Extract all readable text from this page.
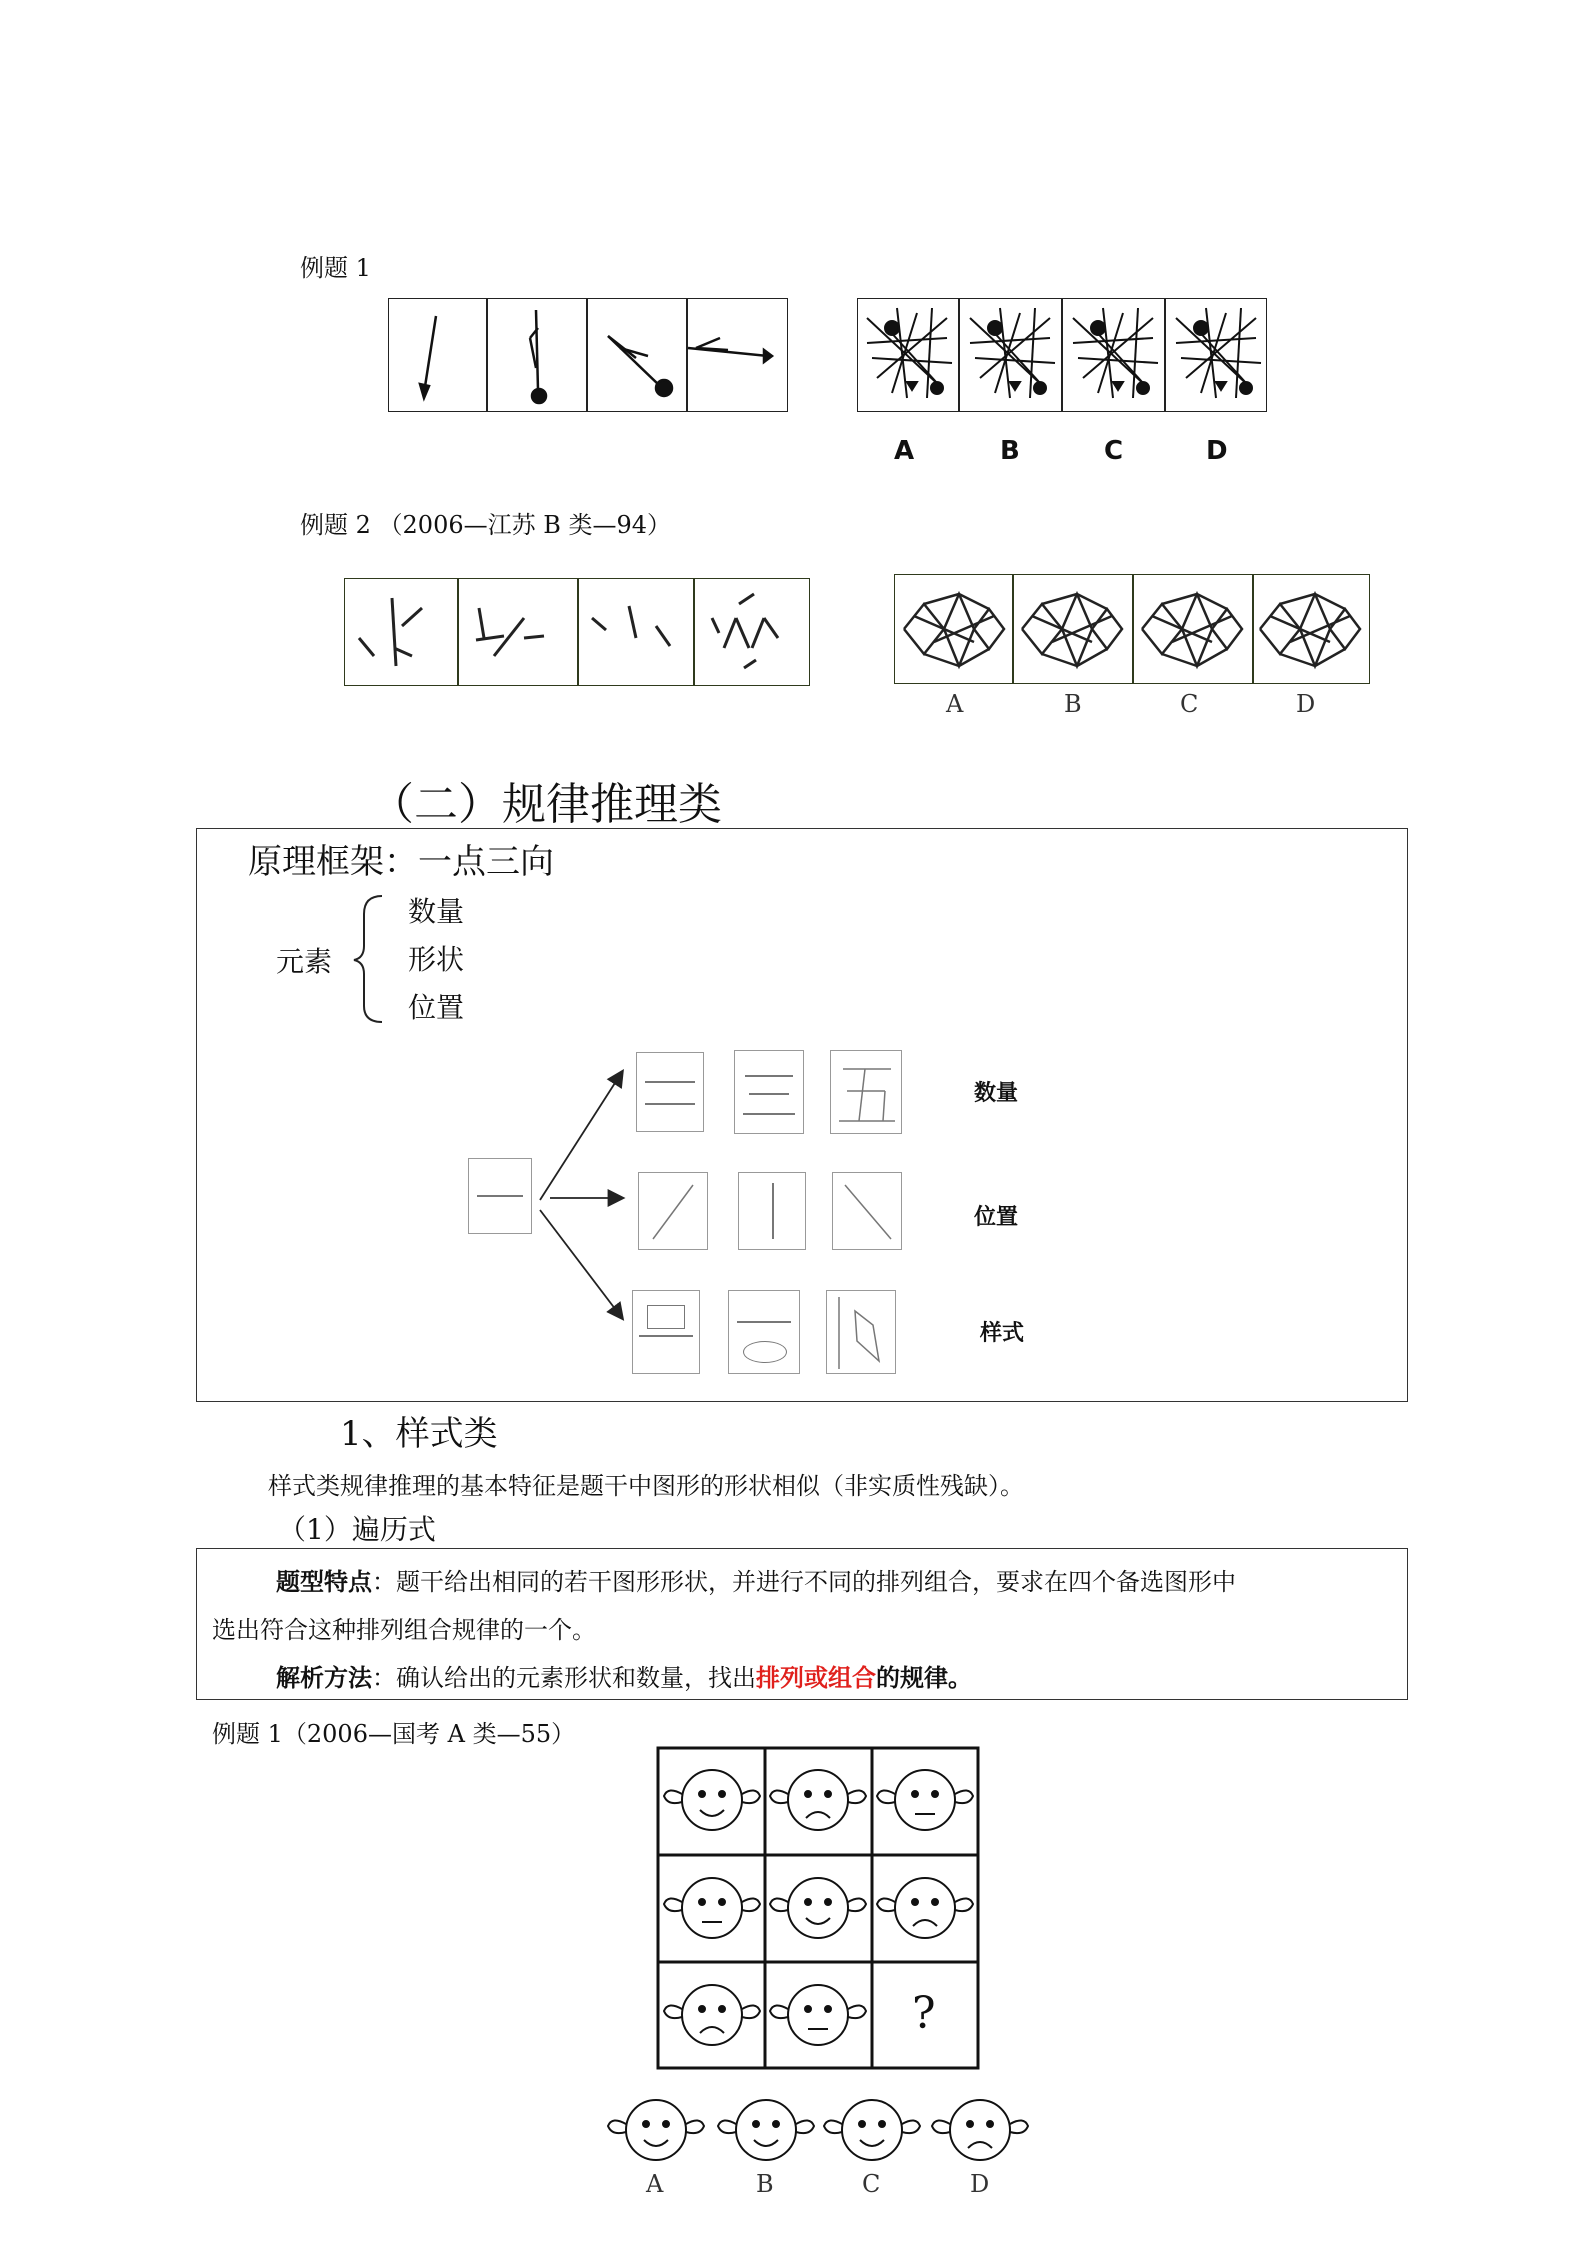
例题 1
A	B	C	D
例题 2 （2006—江苏 B 类—94）
A	B	C	D
（二）规律推理类
原理框架：一点三向
元素
数量
形状
位置
数量
位置
样式
1、样式类
样式类规律推理的基本特征是题干中图形的形状相似（非实质性残缺）。
（1）遍历式
题型特点：题干给出相同的若干图形形状，并进行不同的排列组合，要求在四个备选图形中
选出符合这种排列组合规律的一个。
解析方法：确认给出的元素形状和数量，找出排列或组合的规律。
例题 1（2006—国考 A 类—55）
?
A	B	C	D
